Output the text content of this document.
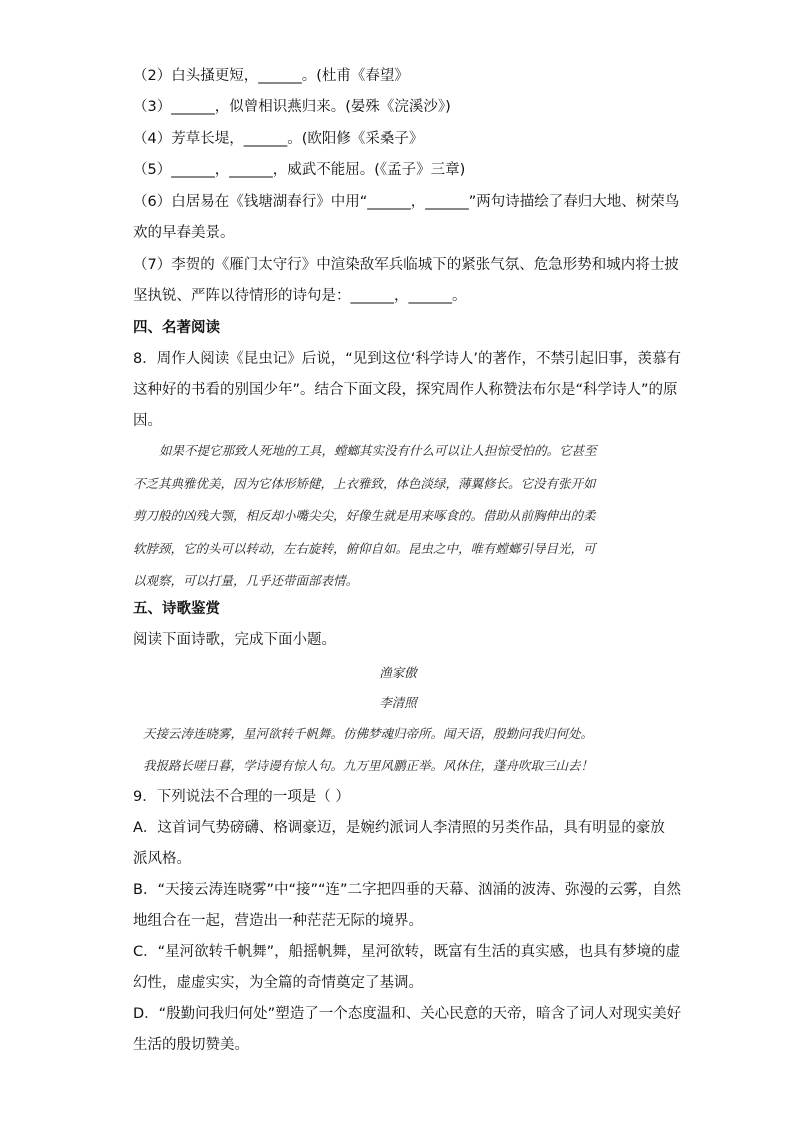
（2）白头搔更短，______。(杜甫《春望》
（3）______，似曾相识燕归来。(晏殊《浣溪沙》)
（4）芳草长堤，______。(欧阳修《采桑子》
（5）______，______，威武不能屈。(《孟子》三章)
（6）白居易在《钱塘湖春行》中用“______，______”两句诗描绘了春归大地、树荣鸟
欢的早春美景。
（7）李贺的《雁门太守行》中渲染敌军兵临城下的紧张气氛、危急形势和城内将士披
坚执锐、严阵以待情形的诗句是：______，______。
四、名著阅读
8．周作人阅读《昆虫记》后说，“见到这位‘科学诗人’的著作，不禁引起旧事，羡慕有
这种好的书看的别国少年”。结合下面文段，探究周作人称赞法布尔是“科学诗人”的原
因。
如果不提它那致人死地的工具，螳螂其实没有什么可以让人担惊受怕的。它甚至
不乏其典雅优美，因为它体形矫健，上衣雅致，体色淡绿，薄翼修长。它没有张开如
剪刀般的凶残大颚，相反却小嘴尖尖，好像生就是用来啄食的。借助从前胸伸出的柔
软脖颈，它的头可以转动，左右旋转，俯仰自如。昆虫之中，唯有螳螂引导目光，可
以观察，可以打量，几乎还带面部表情。
五、诗歌鉴赏
阅读下面诗歌，完成下面小题。
渔家傲
李清照
天接云涛连晓雾，星河欲转千帆舞。仿佛梦魂归帝所。闻天语，殷勤问我归何处。
我报路长嗟日暮，学诗谩有惊人句。九万里风鹏正举。风休住，蓬舟吹取三山去！
9．下列说法不合理的一项是（ ）
A．这首词气势磅礴、格调豪迈，是婉约派词人李清照的另类作品，具有明显的豪放
派风格。
B．“天接云涛连晓雾”中“接”“连”二字把四垂的天幕、汹涌的波涛、弥漫的云雾，自然
地组合在一起，营造出一种茫茫无际的境界。
C．“星河欲转千帆舞”，船摇帆舞，星河欲转，既富有生活的真实感，也具有梦境的虚
幻性，虚虚实实，为全篇的奇情奠定了基调。
D．“殷勤问我归何处”塑造了一个态度温和、关心民意的天帝，暗含了词人对现实美好
生活的殷切赞美。
